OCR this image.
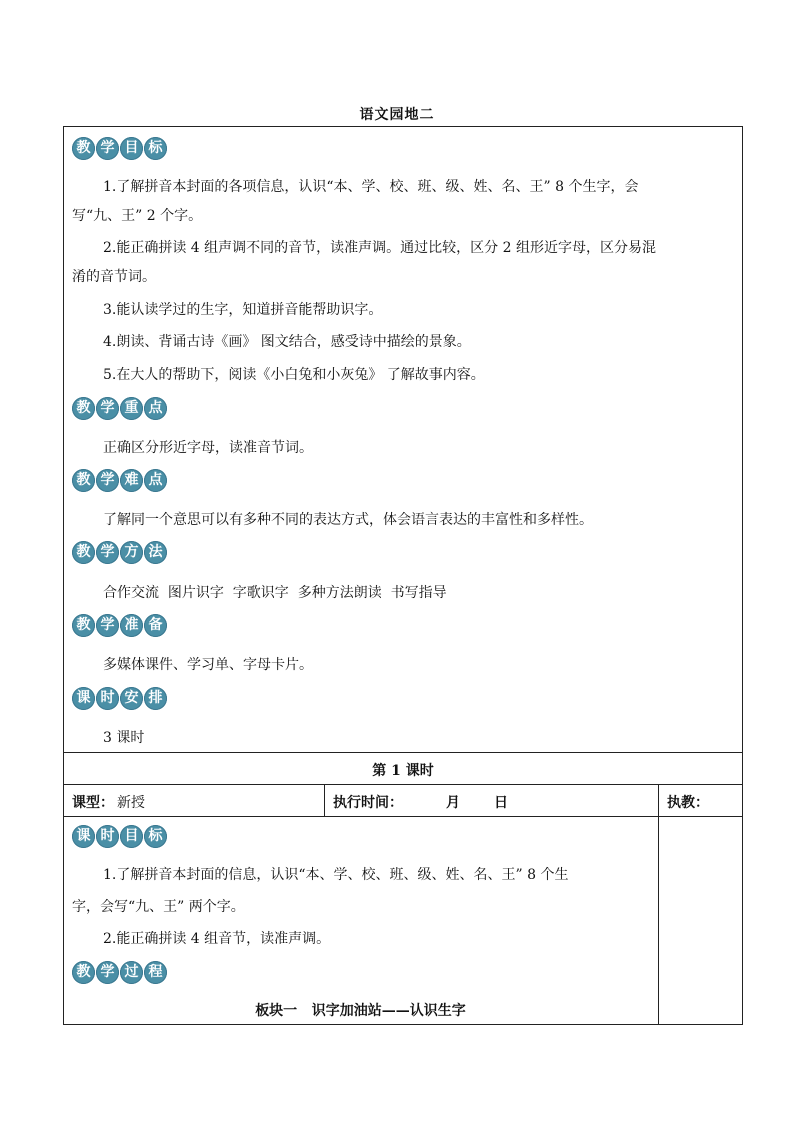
语文园地二
教 学 目 标
1.了解拼音本封面的各项信息，认识“本、学、校、班、级、姓、名、王” 8 个生字，会
写“九、王” 2 个字。
2.能正确拼读 4 组声调不同的音节，读准声调。通过比较，区分 2 组形近字母，区分易混
淆的音节词。
3.能认读学过的生字，知道拼音能帮助识字。
4.朗读、背诵古诗《画》 图文结合，感受诗中描绘的景象。
5.在大人的帮助下，阅读《小白兔和小灰兔》 了解故事内容。
教 学 重 点
正确区分形近字母，读准音节词。
教 学 难 点
了解同一个意思可以有多种不同的表达方式，体会语言表达的丰富性和多样性。
教 学 方 法
合作交流  图片识字  字歌识字  多种方法朗读  书写指导
教 学 准 备
多媒体课件、学习单、字母卡片。
课 时 安 排
3 课时
第 1 课时
课型： 新授	执行时间：	月 日	执教：
课 时 目 标
1.了解拼音本封面的信息，认识“本、学、校、班、级、姓、名、王” 8 个生
字，会写“九、王” 两个字。
2.能正确拼读 4 组音节，读准声调。
教 学 过 程
板块一   识字加油站——认识生字
